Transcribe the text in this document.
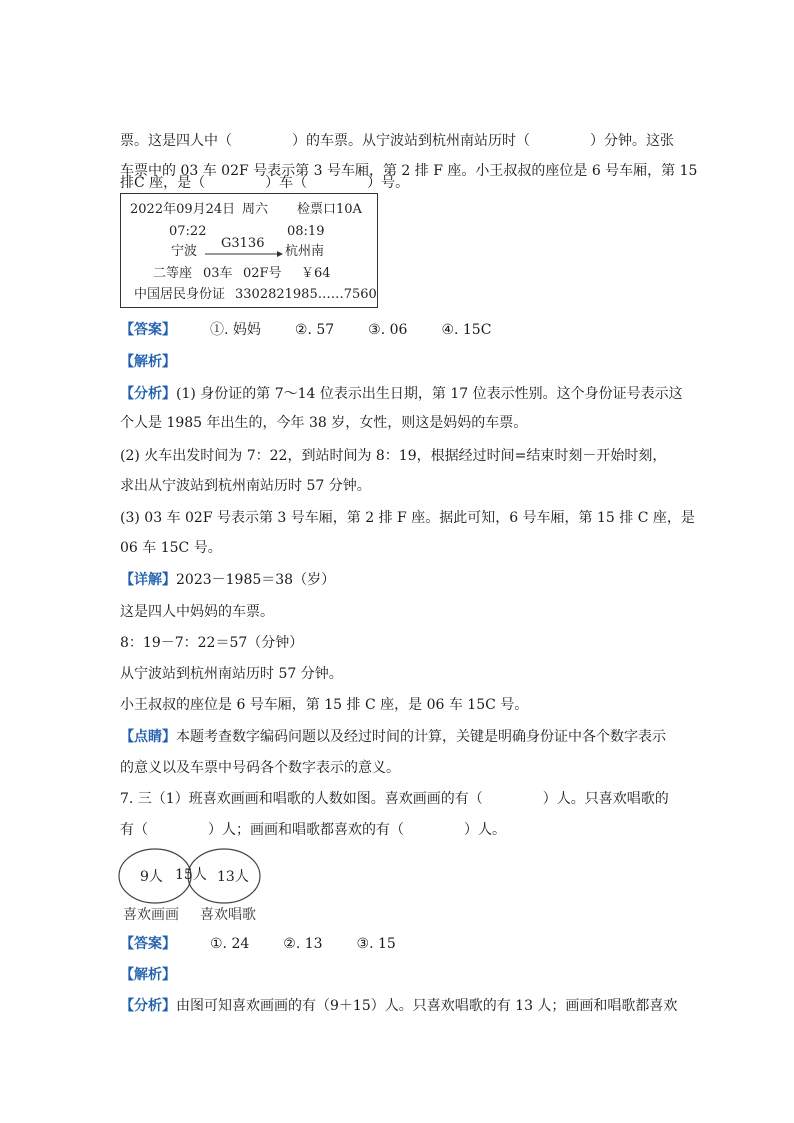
票。这是四人中（	）的车票。从宁波站到杭州南站历时（	）分钟。这张
车票中的 03 车 02F 号表示第 3 号车厢，第 2 排 F 座。小王叔叔的座位是 6 号车厢，第 15
排C 座，是（	）车（	）号。
2022年09月24日 周六 检票口10A
07:22	08:19
宁波
G3136
杭州南
二等座 03车 02F号 ￥64
中国居民身份证 3302821985……7560
【答案】 ①. 妈妈 ②. 57 ③. 06 ④. 15C
【解析】
【分析】(1) 身份证的第 7～14 位表示出生日期，第 17 位表示性别。这个身份证号表示这
个人是 1985 年出生的，今年 38 岁，女性，则这是妈妈的车票。
(2) 火车出发时间为 7：22，到站时间为 8：19，根据经过时间=结束时刻－开始时刻，
求出从宁波站到杭州南站历时 57 分钟。
(3) 03 车 02F 号表示第 3 号车厢，第 2 排 F 座。据此可知，6 号车厢，第 15 排 C 座，是
06 车 15C 号。
【详解】2023－1985＝38（岁）
这是四人中妈妈的车票。
8：19－7：22＝57（分钟）
从宁波站到杭州南站历时 57 分钟。
小王叔叔的座位是 6 号车厢，第 15 排 C 座，是 06 车 15C 号。
【点睛】本题考查数字编码问题以及经过时间的计算，关键是明确身份证中各个数字表示
的意义以及车票中号码各个数字表示的意义。
7. 三（1）班喜欢画画和唱歌的人数如图。喜欢画画的有（	）人。只喜欢唱歌的
有（	）人；画画和唱歌都喜欢的有（	）人。
9人 15人 13人
喜欢画画 喜欢唱歌
【答案】 ①. 24 ②. 13 ③. 15
【解析】
【分析】由图可知喜欢画画的有（9＋15）人。只喜欢唱歌的有 13 人；画画和唱歌都喜欢
